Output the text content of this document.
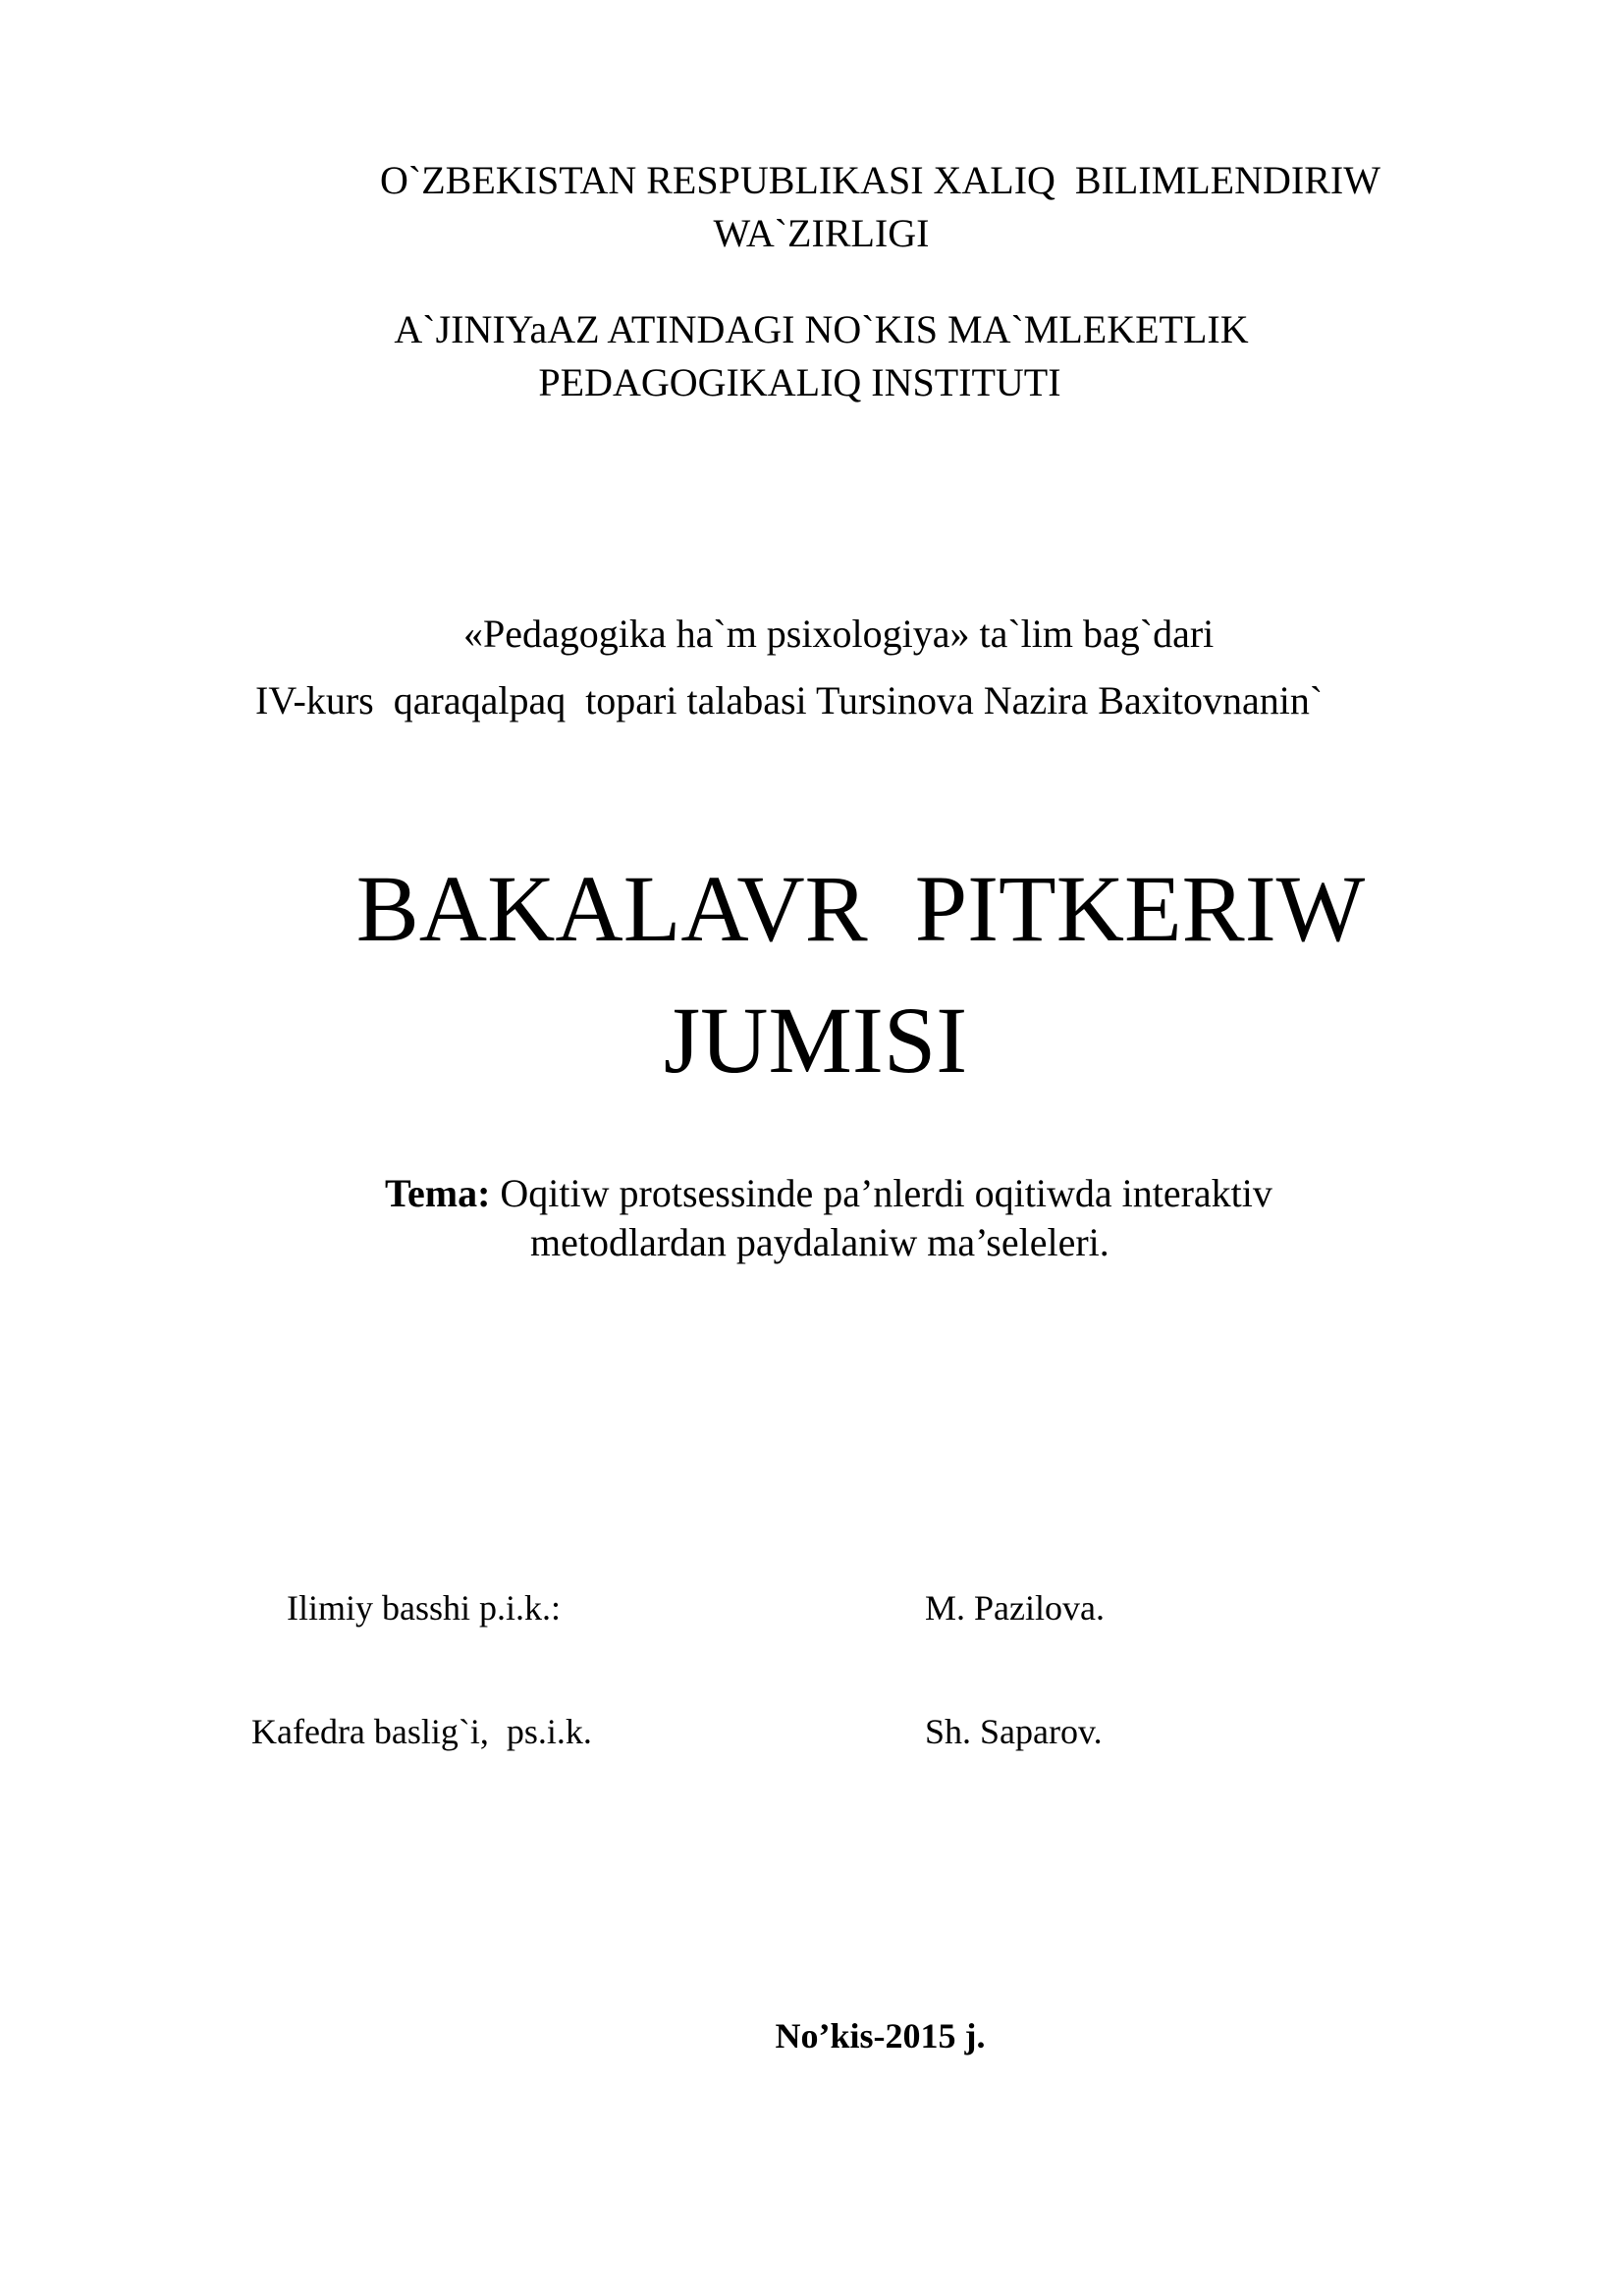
O`ZBEKISTAN RESPUBLIKASI XALIQ  BILIMLENDIRIW
WA`ZIRLIGI
A`JINIYaAZ ATINDAGI NO`KIS MA`MLEKETLIK
PEDAGOGIKALIQ INSTITUTI
«Pedagogika ha`m psixologiya» ta`lim bag`dari
IV-kurs  qaraqalpaq  topari talabasi Tursinova Nazira Baxitovnanin`
BAKALAVR  PITKERIW
JUMISI
Tema: Oqitiw protsessinde pa’nlerdi oqitiwda interaktiv
metodlardan paydalaniw ma’seleleri.
Ilimiy basshi p.i.k.:	M. Pazilova.
Kafedra baslig`i,  ps.i.k.	Sh. Saparov.
No’kis-2015 j.
